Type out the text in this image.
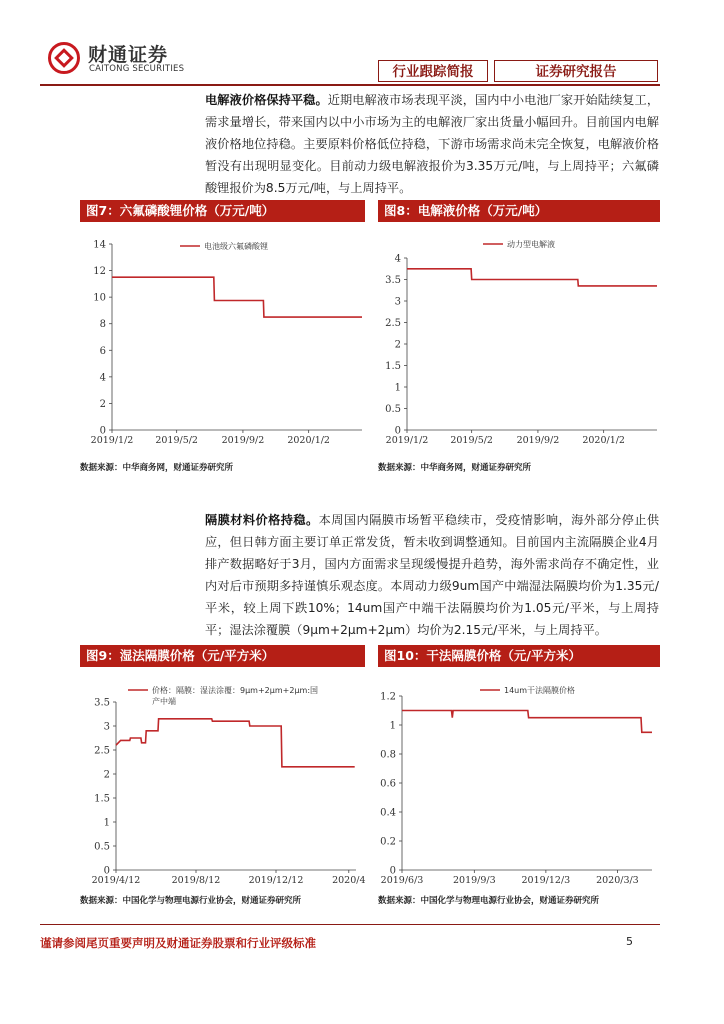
财通证券
CAITONG SECURITIES	行业跟踪简报	证券研究报告
电解液价格保持平稳。近期电解液市场表现平淡，国内中小电池厂家开始陆续复工，需求量增长，带来国内以中小市场为主的电解液厂家出货量小幅回升。目前国内电解液价格地位持稳。主要原料价格低位持稳，下游市场需求尚未完全恢复，电解液价格暂没有出现明显变化。目前动力级电解液报价为3.35万元/吨，与上周持平；六氟磷酸锂报价为8.5万元/吨，与上周持平。
图7：六氟磷酸锂价格（万元/吨）
0
2
4
6
8
10
12
14
2019/1/2 2019/5/2 2019/9/2 2020/1/2
电池级六氟磷酸锂
数据来源：中华商务网，财通证券研究所
图8：电解液价格（万元/吨）
0
0.5
1
1.5
2
2.5
3
3.5
4
2019/1/2 2019/5/2 2019/9/2 2020/1/2
动力型电解液
数据来源：中华商务网，财通证券研究所
隔膜材料价格持稳。本周国内隔膜市场暂平稳续市，受疫情影响，海外部分停止供应，但日韩方面主要订单正常发货，暂未收到调整通知。目前国内主流隔膜企业4月排产数据略好于3月，国内方面需求呈现缓慢提升趋势，海外需求尚存不确定性，业内对后市预期多持谨慎乐观态度。本周动力级9um国产中端湿法隔膜均价为1.35元/平米，较上周下跌10%；14um国产中端干法隔膜均价为1.05元/平米，与上周持平；湿法涂覆膜（9μm+2μm+2μm）均价为2.15元/平米，与上周持平。
图9：湿法隔膜价格（元/平方米）
0
0.5
1
1.5
2
2.5
3
3.5
2019/4/12	2019/8/12	2019/12/12	2020/4
价格：隔膜：湿法涂覆：9μm+2μm+2μm:国产中端
数据来源：中国化学与物理电源行业协会，财通证券研究所
图10：干法隔膜价格（元/平方米）
0
0.2
0.4
0.6
0.8
1
1.2
2019/6/3	2019/9/3	2019/12/3	2020/3/3
14um干法隔膜价格
数据来源：中国化学与物理电源行业协会，财通证券研究所
谨请参阅尾页重要声明及财通证券股票和行业评级标准	5
